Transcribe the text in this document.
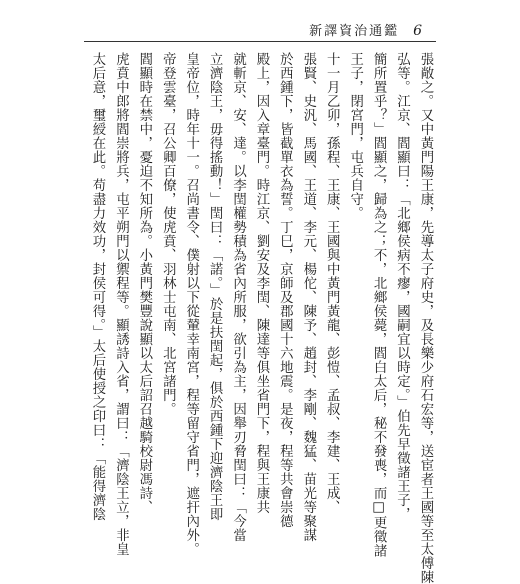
新譯資治通鑑 6
張敞之。又中黃門陽王康，先導太子府史，及長樂少府石宏等，送宦者王國等至太傅陳
弘等。江京、閻顯曰：「北鄉侯病不瘳，國嗣宜以時定。」伯先早徵諸王子，
簡所置乎？」閻顯之，歸為之；不，北鄉侯薨，閻白太后，秘不發喪，而□更徵諸
王子，閉宮門，屯兵自守。
十一月乙卯，孫程、王康、王國與中黃門黃龍、彭愷、孟叔、李建、王成、
張賢、史汎、馬國、王道、李元、楊佗、陳予、趙封、李剛、魏猛、苗光等聚謀
於西鍾下，皆截單衣為誓。丁巳，京師及郡國十六地震。是夜，程等共會崇德
殿上，因入章臺門。時江京、劉安及李閏、陳達等俱坐省門下，程與王康共
就斬京、安、達。以李閏權勢積為省內所服，欲引為主，因舉刃脅閏曰：「今當
立濟陰王，毋得搖動！」閏曰：「諾。」於是扶閏起，俱於西鍾下迎濟陰王即
皇帝位，時年十一。召尚書令、僕射以下從輦幸南宮，程等留守省門，遮扞內外。
帝登雲臺，召公卿百僚，使虎賁、羽林士屯南、北宮諸門。
閻顯時在禁中，憂迫不知所為。小黃門樊豐說顯以太后詔召越騎校尉馮詩、
虎賁中郎將閻崇將兵，屯平朔門以禦程等。顯誘詩入省，謂曰：「濟陰王立，非皇
太后意，璽綬在此。苟盡力效功，封侯可得。」太后使授之印曰：「能得濟陰
